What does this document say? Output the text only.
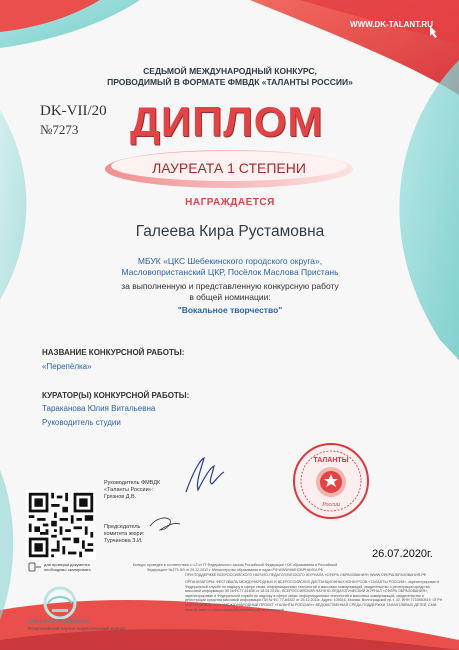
WWW.DK-TALANT.RU
СЕДЬМОЙ МЕЖДУНАРОДНЫЙ КОНКУРС,
ПРОВОДИМЫЙ В ФОРМАТЕ ФМВДК «ТАЛАНТЫ РОССИИ»
DK-VII/20
№7273 ДИПЛОМ
ЛАУРЕАТА 1 СТЕПЕНИ
НАГРАЖДАЕТСЯ
Галеева Кира Рустамовна
МБУК «ЦКС Шебекинского городского округа»,
Масловопристанский ЦКР, Посёлок Маслова Пристань
за выполненную и представленную конкурсную работу
в общей номинации:
"Вокальное творчество"
НАЗВАНИЕ КОНКУРСНОЙ РАБОТЫ:
«Перепёлка»
КУРАТОР(Ы) КОНКУРСНОЙ РАБОТЫ:
Тараканова Юлия Витальевна
Руководитель студии
Руководитель ФМВДК
«Таланты России»:
Грязнов Д.В.
Председатель
комитета жюри:
Турчинова З.И.
ТАЛАНТЫ
России
для проверки документа
необходимо сканировать
СФЕРА ОБРАЗОВАНИЯ
Всероссийский научно-педагогический журнал
Конкурс проведен в соответствии с ч.2 ст.77 Федерального закона Российской Федерации «Об образовании в Российской Федерации» №273-ФЗ от 29.12.2012 г. Министерство образования и науки РФ WWW.МИНОБРНАУКИ.РФ
ПРИ ПОДДЕРЖКЕ ВСЕРОССИЙСКОГО НАУЧНО-ПЕДАГОГИЧЕСКОГО ЖУРНАЛА «СФЕРА ОБРАЗОВАНИЯ» WWW.СФЕРАОБРАЗОВАНИЯ.РФ
ОРГАНИЗАТОРЫ: ФЕСТИВАЛЬ МЕЖДУНАРОДНЫХ И ВСЕРОССИЙСКИХ ДИСТАНЦИОННЫХ КОНКУРСОВ «ТАЛАНТЫ РОССИИ», зарегистрирован в Федеральной службе по надзору в сфере связи, информационных технологий и массовых коммуникаций, свидетельство о регистрации средства массовой информации ЭЛ №ФС77-61838 от 18.05.2015г.; ВСЕРОССИЙСКИЙ НАУЧНО-ПЕДАГОГИЧЕСКИЙ ЖУРНАЛ «СФЕРА ОБРАЗОВАНИЯ», зарегистрирован в Федеральной службе по надзору в сфере связи, информационных технологий и массовых коммуникаций, свидетельство о регистрации средства массовой информации ПИ № ФС 77-64322 от 25.12.2015г. Адрес: 109316, Москва, Волгоградский пр-т, 42. ИНН 7722850519; ОГРН 1147746583620; ООО «МЕЖДУНАРОДНЫЙ ПРОЕКТ «ТАЛАНТЫ РОССИИ»» ВЕДОМСТВЕННАЯ СРЕДА ПОДДЕРЖКИ ТАЛАНТЛИВЫХ ДЕТЕЙ; СМИ: www.dk-talant.ru; www.сфераобразования.рф; www.вдоу.рф
26.07.2020г.
